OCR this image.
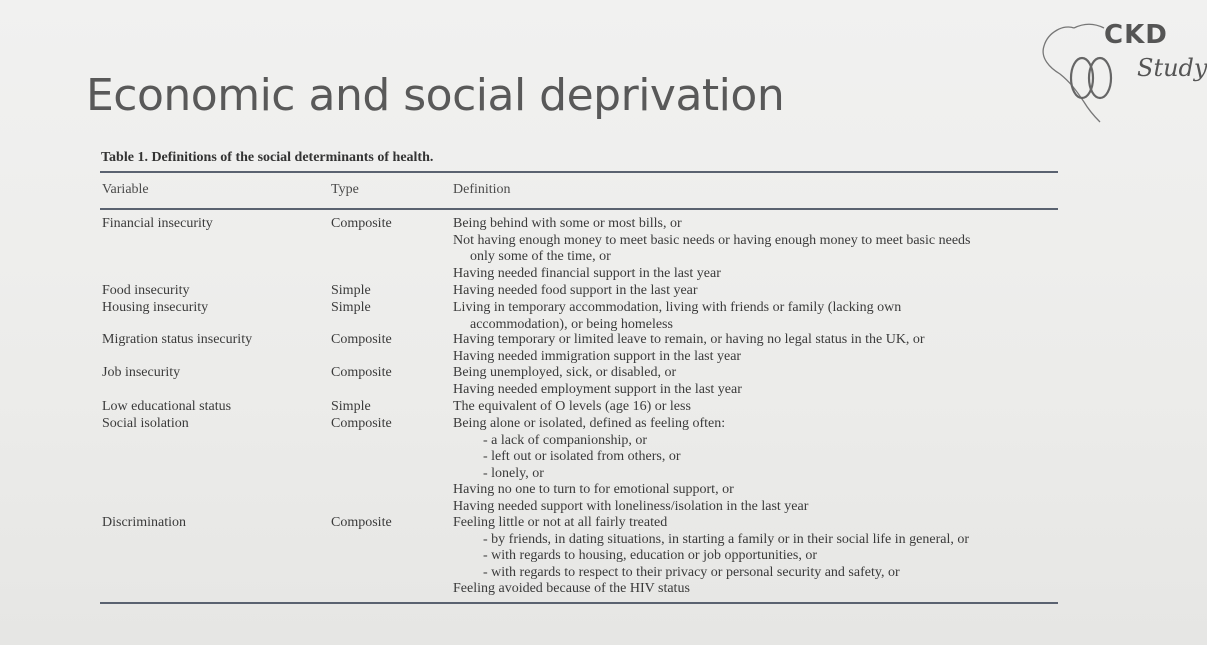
Economic and social deprivation
CKD
Study
Table 1. Definitions of the social determinants of health.
Variable	Type	Definition
Financial insecurity	Composite	Being behind with some or most bills, or
Not having enough money to meet basic needs or having enough money to meet basic needs
only some of the time, or
Having needed financial support in the last year
Food insecurity	Simple	Having needed food support in the last year
Housing insecurity	Simple	Living in temporary accommodation, living with friends or family (lacking own
accommodation), or being homeless
Migration status insecurity	Composite	Having temporary or limited leave to remain, or having no legal status in the UK, or
Having needed immigration support in the last year
Job insecurity	Composite	Being unemployed, sick, or disabled, or
Having needed employment support in the last year
Low educational status	Simple	The equivalent of O levels (age 16) or less
Social isolation	Composite	Being alone or isolated, defined as feeling often:
- a lack of companionship, or
- left out or isolated from others, or
- lonely, or
Having no one to turn to for emotional support, or
Having needed support with loneliness/isolation in the last year
Discrimination	Composite	Feeling little or not at all fairly treated
- by friends, in dating situations, in starting a family or in their social life in general, or
- with regards to housing, education or job opportunities, or
- with regards to respect to their privacy or personal security and safety, or
Feeling avoided because of the HIV status
